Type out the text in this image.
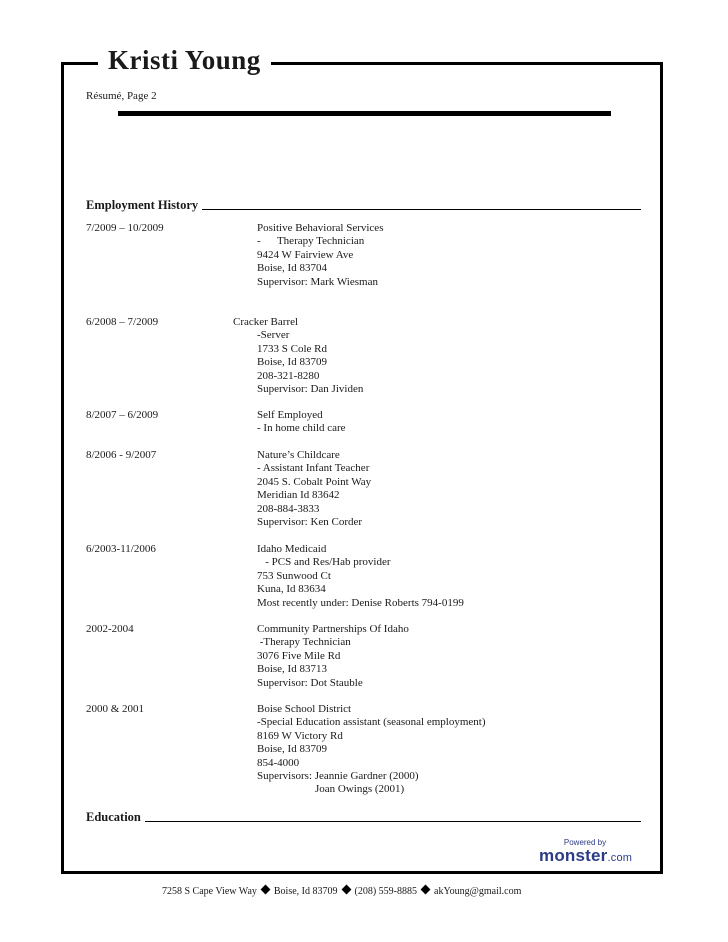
Kristi Young
Résumé, Page 2
Employment History
7/2009 – 10/2009	Positive Behavioral Services
-      Therapy Technician
9424 W Fairview Ave
Boise, Id 83704
Supervisor: Mark Wiesman
6/2008 – 7/2009	Cracker Barrel
-Server
1733 S Cole Rd
Boise, Id 83709
208-321-8280
Supervisor: Dan Jividen
8/2007 – 6/2009	Self Employed
- In home child care
8/2006 - 9/2007	Nature’s Childcare
- Assistant Infant Teacher
2045 S. Cobalt Point Way
Meridian Id 83642
208-884-3833
Supervisor: Ken Corder
6/2003-11/2006	Idaho Medicaid
- PCS and Res/Hab provider
753 Sunwood Ct
Kuna, Id 83634
Most recently under: Denise Roberts 794-0199
2002-2004	Community Partnerships Of Idaho
-Therapy Technician
3076 Five Mile Rd
Boise, Id 83713
Supervisor: Dot Stauble
2000 & 2001	Boise School District
-Special Education assistant (seasonal employment)
8169 W Victory Rd
Boise, Id 83709
854-4000
Supervisors: Jeannie Gardner (2000)
Joan Owings (2001)
Education
Powered by
monster.com
7258 S Cape View Way Boise, Id 83709 (208) 559-8885 akYoung@gmail.com
